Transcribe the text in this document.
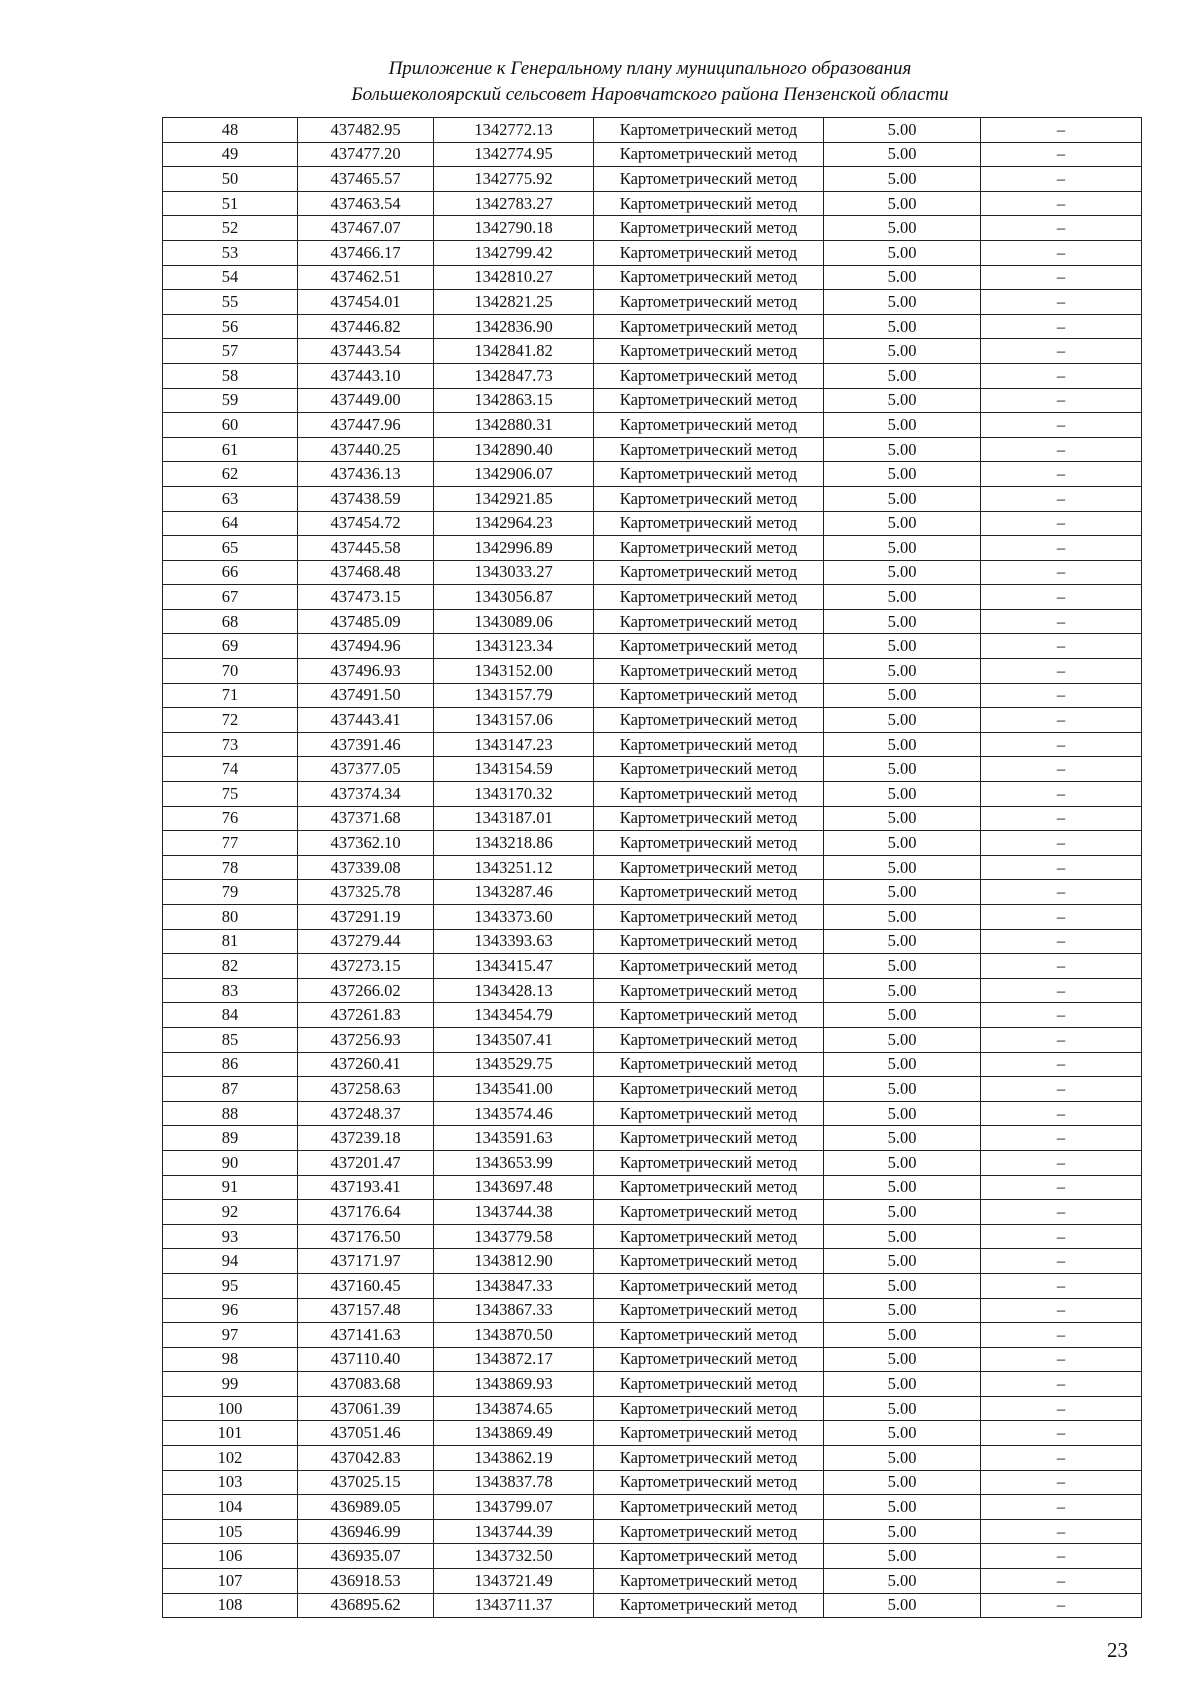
Приложение к Генеральному плану муниципального образования
Большеколоярский сельсовет Наровчатского района Пензенской области
48	437482.95	1342772.13	Картометрический метод	5.00	–
49	437477.20	1342774.95	Картометрический метод	5.00	–
50	437465.57	1342775.92	Картометрический метод	5.00	–
51	437463.54	1342783.27	Картометрический метод	5.00	–
52	437467.07	1342790.18	Картометрический метод	5.00	–
53	437466.17	1342799.42	Картометрический метод	5.00	–
54	437462.51	1342810.27	Картометрический метод	5.00	–
55	437454.01	1342821.25	Картометрический метод	5.00	–
56	437446.82	1342836.90	Картометрический метод	5.00	–
57	437443.54	1342841.82	Картометрический метод	5.00	–
58	437443.10	1342847.73	Картометрический метод	5.00	–
59	437449.00	1342863.15	Картометрический метод	5.00	–
60	437447.96	1342880.31	Картометрический метод	5.00	–
61	437440.25	1342890.40	Картометрический метод	5.00	–
62	437436.13	1342906.07	Картометрический метод	5.00	–
63	437438.59	1342921.85	Картометрический метод	5.00	–
64	437454.72	1342964.23	Картометрический метод	5.00	–
65	437445.58	1342996.89	Картометрический метод	5.00	–
66	437468.48	1343033.27	Картометрический метод	5.00	–
67	437473.15	1343056.87	Картометрический метод	5.00	–
68	437485.09	1343089.06	Картометрический метод	5.00	–
69	437494.96	1343123.34	Картометрический метод	5.00	–
70	437496.93	1343152.00	Картометрический метод	5.00	–
71	437491.50	1343157.79	Картометрический метод	5.00	–
72	437443.41	1343157.06	Картометрический метод	5.00	–
73	437391.46	1343147.23	Картометрический метод	5.00	–
74	437377.05	1343154.59	Картометрический метод	5.00	–
75	437374.34	1343170.32	Картометрический метод	5.00	–
76	437371.68	1343187.01	Картометрический метод	5.00	–
77	437362.10	1343218.86	Картометрический метод	5.00	–
78	437339.08	1343251.12	Картометрический метод	5.00	–
79	437325.78	1343287.46	Картометрический метод	5.00	–
80	437291.19	1343373.60	Картометрический метод	5.00	–
81	437279.44	1343393.63	Картометрический метод	5.00	–
82	437273.15	1343415.47	Картометрический метод	5.00	–
83	437266.02	1343428.13	Картометрический метод	5.00	–
84	437261.83	1343454.79	Картометрический метод	5.00	–
85	437256.93	1343507.41	Картометрический метод	5.00	–
86	437260.41	1343529.75	Картометрический метод	5.00	–
87	437258.63	1343541.00	Картометрический метод	5.00	–
88	437248.37	1343574.46	Картометрический метод	5.00	–
89	437239.18	1343591.63	Картометрический метод	5.00	–
90	437201.47	1343653.99	Картометрический метод	5.00	–
91	437193.41	1343697.48	Картометрический метод	5.00	–
92	437176.64	1343744.38	Картометрический метод	5.00	–
93	437176.50	1343779.58	Картометрический метод	5.00	–
94	437171.97	1343812.90	Картометрический метод	5.00	–
95	437160.45	1343847.33	Картометрический метод	5.00	–
96	437157.48	1343867.33	Картометрический метод	5.00	–
97	437141.63	1343870.50	Картометрический метод	5.00	–
98	437110.40	1343872.17	Картометрический метод	5.00	–
99	437083.68	1343869.93	Картометрический метод	5.00	–
100	437061.39	1343874.65	Картометрический метод	5.00	–
101	437051.46	1343869.49	Картометрический метод	5.00	–
102	437042.83	1343862.19	Картометрический метод	5.00	–
103	437025.15	1343837.78	Картометрический метод	5.00	–
104	436989.05	1343799.07	Картометрический метод	5.00	–
105	436946.99	1343744.39	Картометрический метод	5.00	–
106	436935.07	1343732.50	Картометрический метод	5.00	–
107	436918.53	1343721.49	Картометрический метод	5.00	–
108	436895.62	1343711.37	Картометрический метод	5.00	–
23
